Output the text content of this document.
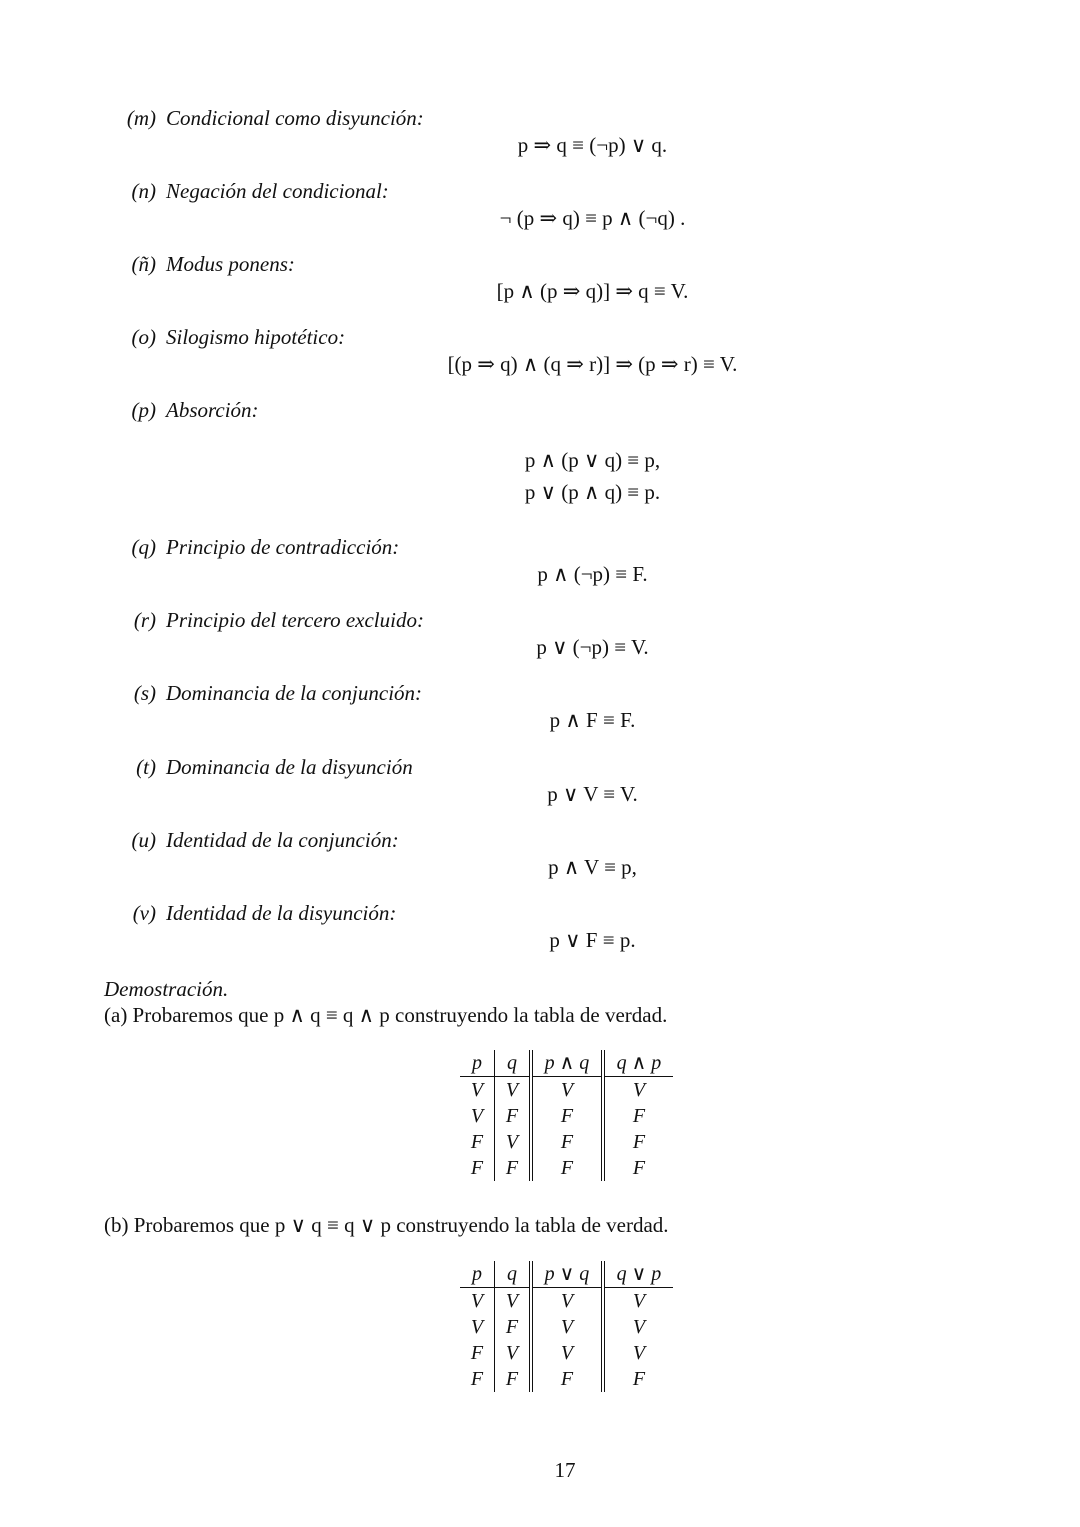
(m) Condicional como disyunción:
p ⇒ q ≡ (¬p) ∨ q.
(n) Negación del condicional:
¬ (p ⇒ q) ≡ p ∧ (¬q) .
(ñ) Modus ponens:
[p ∧ (p ⇒ q)] ⇒ q ≡ V.
(o) Silogismo hipotético:
[(p ⇒ q) ∧ (q ⇒ r)] ⇒ (p ⇒ r) ≡ V.
(p) Absorción:
p ∧ (p ∨ q) ≡ p,
p ∨ (p ∧ q) ≡ p.
(q) Principio de contradicción:
p ∧ (¬p) ≡ F.
(r) Principio del tercero excluido:
p ∨ (¬p) ≡ V.
(s) Dominancia de la conjunción:
p ∧ F ≡ F.
(t) Dominancia de la disyunción
p ∨ V ≡ V.
(u) Identidad de la conjunción:
p ∧ V ≡ p,
(v) Identidad de la disyunción:
p ∨ F ≡ p.
Demostración.
(a) Probaremos que p ∧ q ≡ q ∧ p construyendo la tabla de verdad.
p	q	p ∧ q	q ∧ p
V	V	V	V
V	F	F	F
F	V	F	F
F	F	F	F
(b) Probaremos que p ∨ q ≡ q ∨ p construyendo la tabla de verdad.
p	q	p ∨ q	q ∨ p
V	V	V	V
V	F	V	V
F	V	V	V
F	F	F	F
17
